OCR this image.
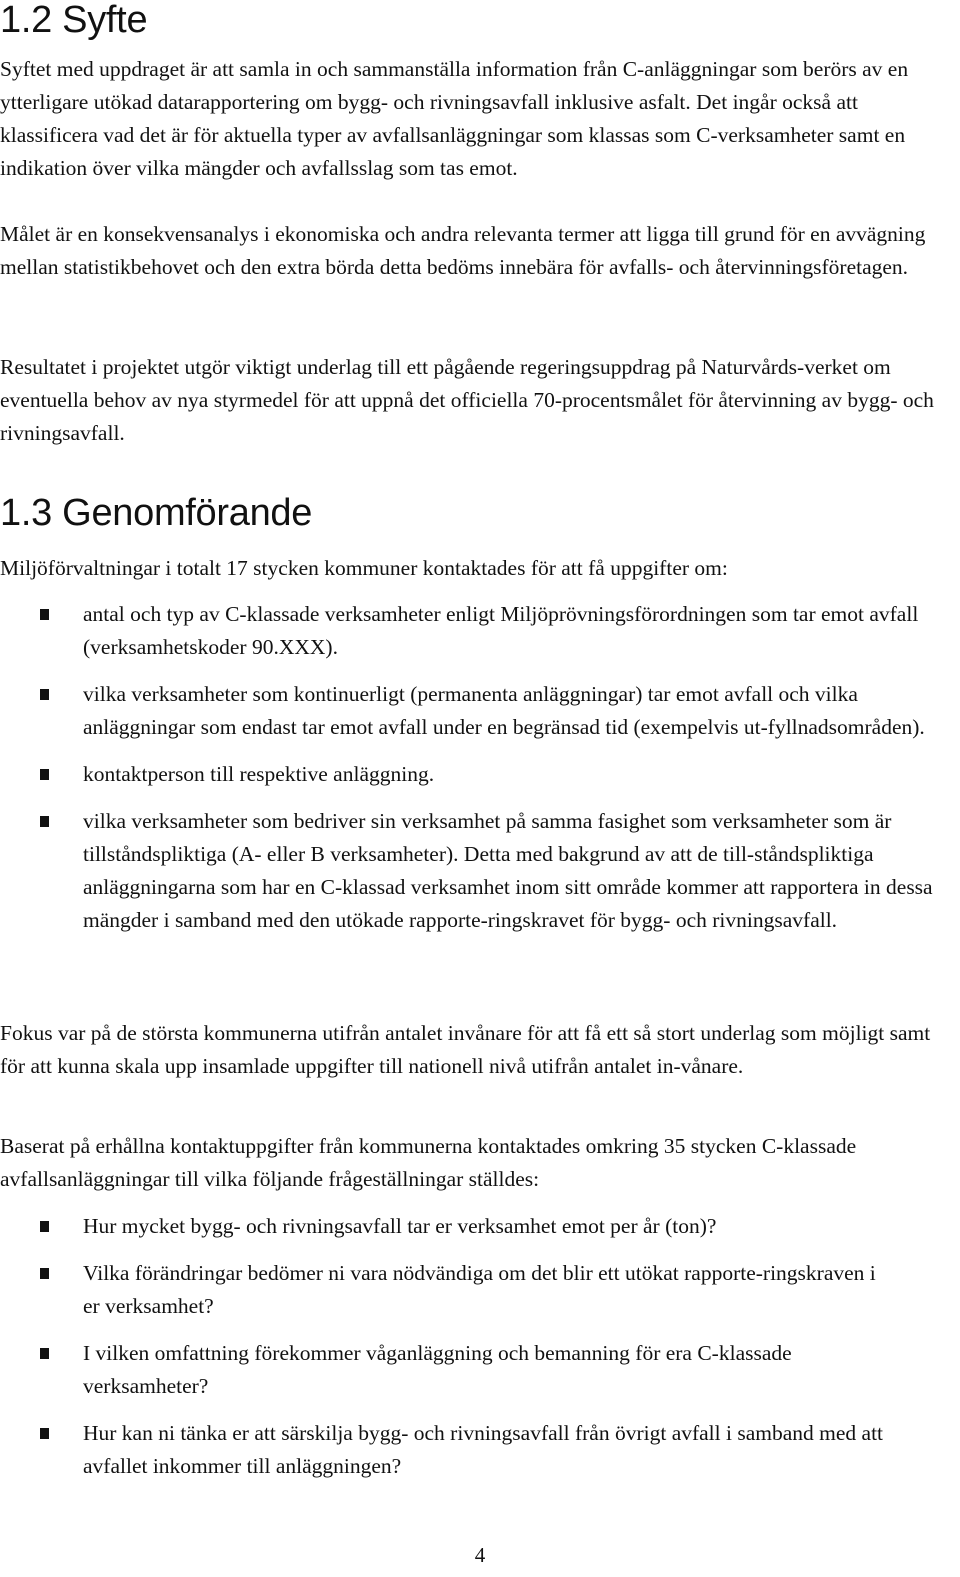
1.2 Syfte

Syftet med uppdraget är att samla in och sammanställa information från C-anläggningar som berörs av en ytterligare utökad datarapportering om bygg- och rivningsavfall inklusive asfalt. Det ingår också att klassificera vad det är för aktuella typer av avfallsanläggningar som klassas som C-verksamheter samt en indikation över vilka mängder och avfallsslag som tas emot.

Målet är en konsekvensanalys i ekonomiska och andra relevanta termer att ligga till grund för en avvägning mellan statistikbehovet och den extra börda detta bedöms innebära för avfalls- och återvinningsföretagen.

Resultatet i projektet utgör viktigt underlag till ett pågående regeringsuppdrag på Naturvårds-verket om eventuella behov av nya styrmedel för att uppnå det officiella 70-procentsmålet för återvinning av bygg- och rivningsavfall.

1.3 Genomförande

Miljöförvaltningar i totalt 17 stycken kommuner kontaktades för att få uppgifter om:

antal och typ av C-klassade verksamheter enligt Miljöprövningsförordningen som tar emot avfall (verksamhetskoder 90.XXX).
vilka verksamheter som kontinuerligt (permanenta anläggningar) tar emot avfall och vilka anläggningar som endast tar emot avfall under en begränsad tid (exempelvis ut-fyllnadsområden).
kontaktperson till respektive anläggning.
vilka verksamheter som bedriver sin verksamhet på samma fasighet som verksamheter som är tillståndspliktiga (A- eller B verksamheter). Detta med bakgrund av att de till-ståndspliktiga anläggningarna som har en C-klassad verksamhet inom sitt område kommer att rapportera in dessa mängder i samband med den utökade rapporte-ringskravet för bygg- och rivningsavfall.

Fokus var på de största kommunerna utifrån antalet invånare för att få ett så stort underlag som möjligt samt för att kunna skala upp insamlade uppgifter till nationell nivå utifrån antalet in-vånare.

Baserat på erhållna kontaktuppgifter från kommunerna kontaktades omkring 35 stycken C-klassade avfallsanläggningar till vilka följande frågeställningar ställdes:

Hur mycket bygg- och rivningsavfall tar er verksamhet emot per år (ton)?
Vilka förändringar bedömer ni vara nödvändiga om det blir ett utökat rapporte-ringskraven i er verksamhet?
I vilken omfattning förekommer våganläggning och bemanning för era C-klassade verksamheter?
Hur kan ni tänka er att särskilja bygg- och rivningsavfall från övrigt avfall i samband med att avfallet inkommer till anläggningen?
4
